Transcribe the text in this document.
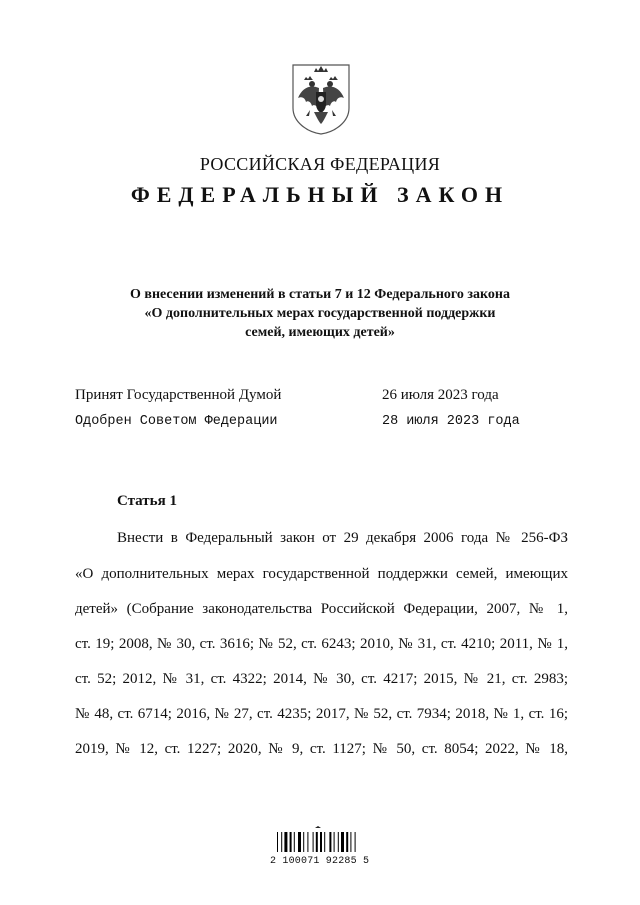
РОССИЙСКАЯ ФЕДЕРАЦИЯ
ФЕДЕРАЛЬНЫЙ ЗАКОН
О внесении изменений в статьи 7 и 12 Федерального закона
«О дополнительных мерах государственной поддержки
семей, имеющих детей»
Принят Государственной Думой	26 июля 2023 года
Одобрен Советом Федерации	28 июля 2023 года
Статья 1
Внести в Федеральный закон от 29 декабря 2006 года № 256-ФЗ
«О дополнительных мерах государственной поддержки семей, имеющих
детей» (Собрание законодательства Российской Федерации, 2007, № 1,
ст. 19; 2008, № 30, ст. 3616; № 52, ст. 6243; 2010, № 31, ст. 4210; 2011, № 1,
ст. 52; 2012, № 31, ст. 4322; 2014, № 30, ст. 4217; 2015, № 21, ст. 2983;
№ 48, ст. 6714; 2016, № 27, ст. 4235; 2017, № 52, ст. 7934; 2018, № 1, ст. 16;
2019, № 12, ст. 1227; 2020, № 9, ст. 1127; № 50, ст. 8054; 2022, № 18,
2 100071 92285 5
